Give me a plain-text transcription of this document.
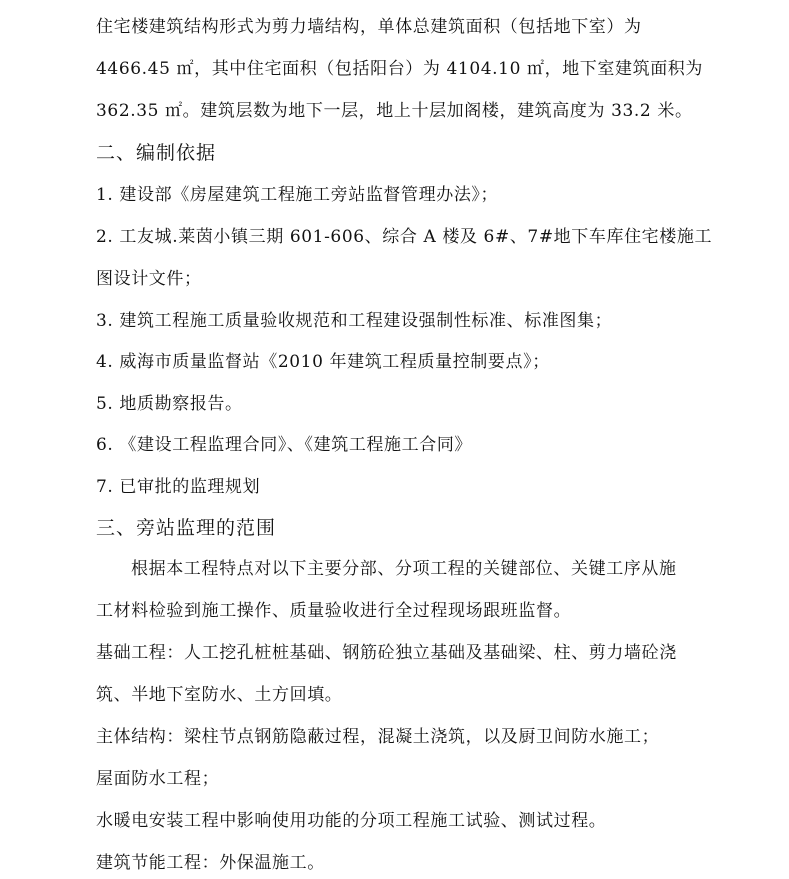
住宅楼建筑结构形式为剪力墙结构，单体总建筑面积（包括地下室）为
4466.45 ㎡，其中住宅面积（包括阳台）为 4104.10 ㎡，地下室建筑面积为
362.35 ㎡。建筑层数为地下一层，地上十层加阁楼，建筑高度为 33.2 米。
二、编制依据
1. 建设部《房屋建筑工程施工旁站监督管理办法》；
2. 工友城.莱茵小镇三期 601-606、综合 A 楼及 6#、7#地下车库住宅楼施工
图设计文件；
3. 建筑工程施工质量验收规范和工程建设强制性标准、标准图集；
4. 威海市质量监督站《2010 年建筑工程质量控制要点》；
5. 地质勘察报告。
6. 《建设工程监理合同》、《建筑工程施工合同》
7. 已审批的监理规划
三、旁站监理的范围
根据本工程特点对以下主要分部、分项工程的关键部位、关键工序从施
工材料检验到施工操作、质量验收进行全过程现场跟班监督。
基础工程：人工挖孔桩桩基础、钢筋砼独立基础及基础梁、柱、剪力墙砼浇
筑、半地下室防水、土方回填。
主体结构：梁柱节点钢筋隐蔽过程，混凝土浇筑，以及厨卫间防水施工；
屋面防水工程；
水暖电安装工程中影响使用功能的分项工程施工试验、测试过程。
建筑节能工程：外保温施工。
